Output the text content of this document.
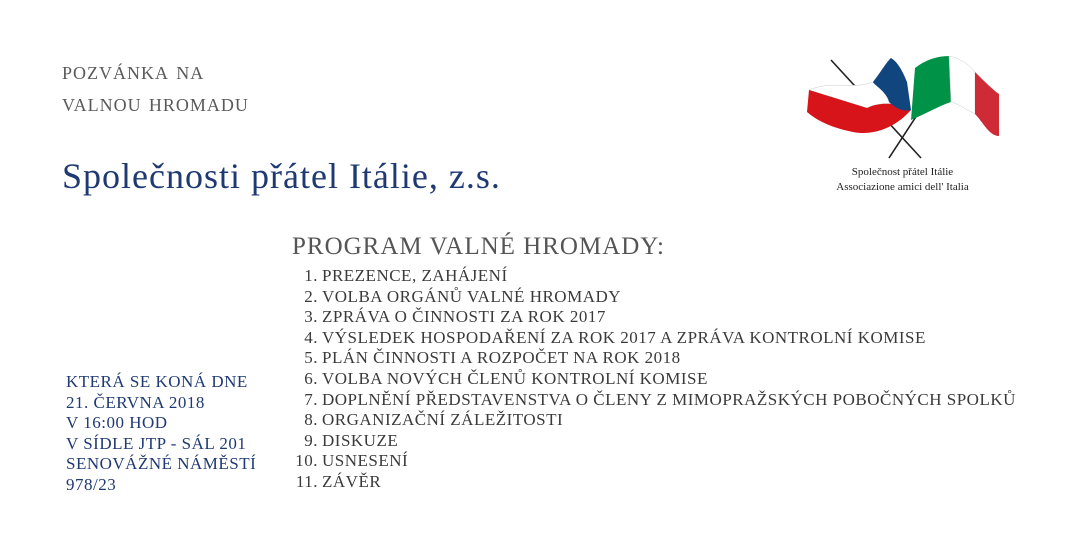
pozvánka na
valnou hromadu
Společnosti přátel Itálie, z.s.	Společnost přátel Itálie
Associazione amici dell' Italia
PROGRAM VALNÉ HROMADY:
1. PREZENCE, ZAHÁJENÍ
2. VOLBA ORGÁNŮ VALNÉ HROMADY
3. ZPRÁVA O ČINNOSTI ZA ROK 2017
4. VÝSLEDEK HOSPODAŘENÍ ZA ROK 2017 A ZPRÁVA KONTROLNÍ KOMISE
5. PLÁN ČINNOSTI A ROZPOČET NA ROK 2018
6. VOLBA NOVÝCH ČLENŮ KONTROLNÍ KOMISE
7. DOPLNĚNÍ PŘEDSTAVENSTVA O ČLENY Z MIMOPRAŽSKÝCH POBOČNÝCH SPOLKŮ
8. ORGANIZAČNÍ ZÁLEŽITOSTI
9. DISKUZE
10. USNESENÍ
11. ZÁVĚR
KTERÁ SE KONÁ DNE
21. ČERVNA 2018
V 16:00 HOD
V SÍDLE JTP - SÁL 201
SENOVÁŽNÉ NÁMĚSTÍ
978/23
